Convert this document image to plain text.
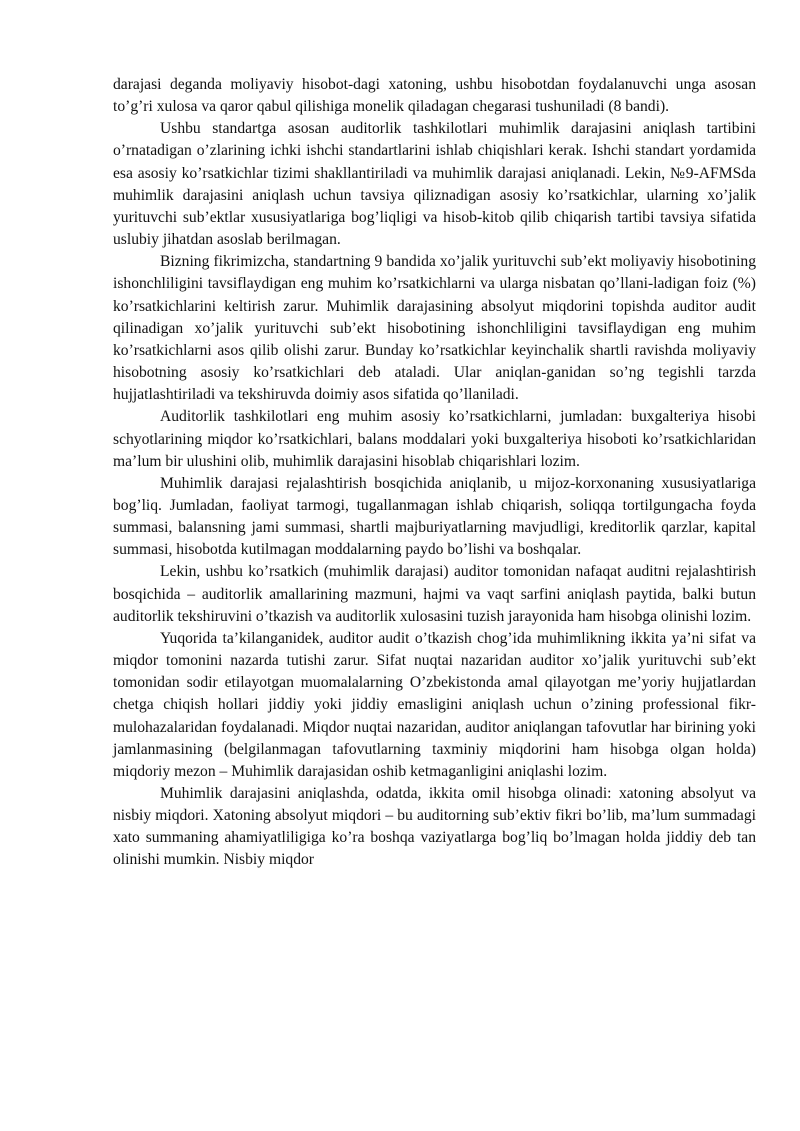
darajasi deganda moliyaviy hisobot-dagi xatoning, ushbu hisobotdan foydalanuvchi unga asosan to’g’ri xulosa va qaror qabul qilishiga monelik qiladagan chegarasi tushuniladi (8 bandi).

Ushbu standartga asosan auditorlik tashkilotlari muhimlik darajasini aniqlash tartibini o’rnatadigan o’zlarining ichki ishchi standartlarini ishlab chiqishlari kerak. Ishchi standart yordamida esa asosiy ko’rsatkichlar tizimi shakllantiriladi va muhimlik darajasi aniqlanadi. Lekin, №9-AFMSda muhimlik darajasini aniqlash uchun tavsiya qiliznadigan asosiy ko’rsatkichlar, ularning xo’jalik yurituvchi sub’ektlar xususiyatlariga bog’liqligi va hisob-kitob qilib chiqarish tartibi tavsiya sifatida uslubiy jihatdan asoslab berilmagan.

Bizning fikrimizcha, standartning 9 bandida xo’jalik yurituvchi sub’ekt moliyaviy hisobotining ishonchliligini tavsiflaydigan eng muhim ko’rsatkichlarni va ularga nisbatan qo’llani-ladigan foiz (%) ko’rsatkichlarini keltirish zarur. Muhimlik darajasining absolyut miqdorini topishda auditor audit qilinadigan xo’jalik yurituvchi sub’ekt hisobotining ishonchliligini tavsiflaydigan eng muhim ko’rsatkichlarni asos qilib olishi zarur. Bunday ko’rsatkichlar keyinchalik shartli ravishda moliyaviy hisobotning asosiy ko’rsatkichlari deb ataladi. Ular aniqlan-ganidan so’ng tegishli tarzda hujjatlashtiriladi va tekshiruvda doimiy asos sifatida qo’llaniladi.

Auditorlik tashkilotlari eng muhim asosiy ko’rsatkichlarni, jumladan: buxgalteriya hisobi schyotlarining miqdor ko’rsatkichlari, balans moddalari yoki buxgalteriya hisoboti ko’rsatkichlaridan ma’lum bir ulushini olib, muhimlik darajasini hisoblab chiqarishlari lozim.

Muhimlik darajasi rejalashtirish bosqichida aniqlanib, u mijoz-korxonaning xususiyatlariga bog’liq. Jumladan, faoliyat tarmogi, tugallanmagan ishlab chiqarish, soliqqa tortilgungacha foyda summasi, balansning jami summasi, shartli majburiyatlarning mavjudligi, kreditorlik qarzlar, kapital summasi, hisobotda kutilmagan moddalarning paydo bo’lishi va boshqalar.

Lekin, ushbu ko’rsatkich (muhimlik darajasi) auditor tomonidan nafaqat auditni rejalashtirish bosqichida – auditorlik amallarining mazmuni, hajmi va vaqt sarfini aniqlash paytida, balki butun auditorlik tekshiruvini o’tkazish va auditorlik xulosasini tuzish jarayonida ham hisobga olinishi lozim.

Yuqorida ta’kilanganidek, auditor audit o’tkazish chog’ida muhimlikning ikkita ya’ni sifat va miqdor tomonini nazarda tutishi zarur. Sifat nuqtai nazaridan auditor xo’jalik yurituvchi sub’ekt tomonidan sodir etilayotgan muomalalarning O’zbekistonda amal qilayotgan me’yoriy hujjatlardan chetga chiqish hollari jiddiy yoki jiddiy emasligini aniqlash uchun o’zining professional fikr-mulohazalaridan foydalanadi. Miqdor nuqtai nazaridan, auditor aniqlangan tafovutlar har birining yoki jamlanmasining (belgilanmagan tafovutlarning taxminiy miqdorini ham hisobga olgan holda) miqdoriy mezon – Muhimlik darajasidan oshib ketmaganligini aniqlashi lozim.

Muhimlik darajasini aniqlashda, odatda, ikkita omil hisobga olinadi: xatoning absolyut va nisbiy miqdori. Xatoning absolyut miqdori – bu auditorning sub’ektiv fikri bo’lib, ma’lum summadagi xato summaning ahamiyatliligiga ko’ra boshqa vaziyatlarga bog’liq bo’lmagan holda jiddiy deb tan olinishi mumkin. Nisbiy miqdor
